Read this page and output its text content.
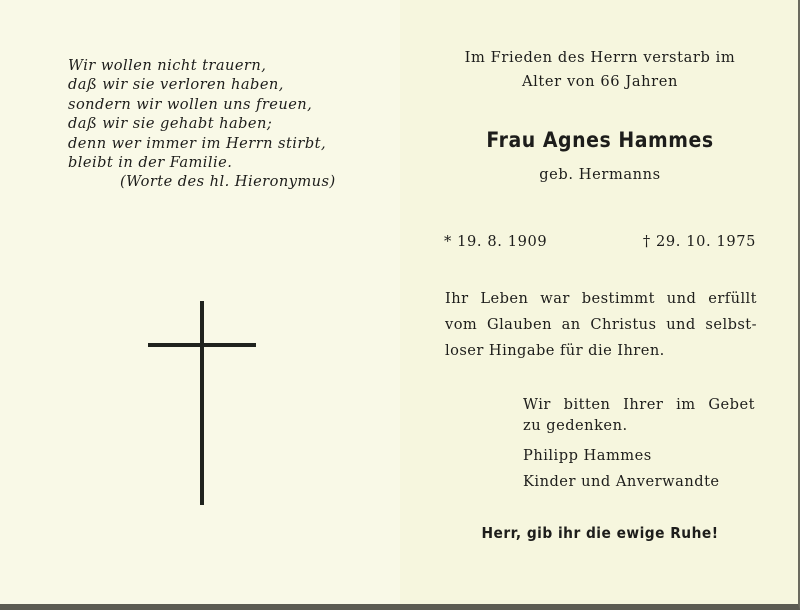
Wir wollen nicht trauern,
daß wir sie verloren haben,
sondern wir wollen uns freuen,
daß wir sie gehabt haben;
denn wer immer im Herrn stirbt,
bleibt in der Familie.
(Worte des hl. Hieronymus)
Im Frieden des Herrn verstarb im
Alter von 66 Jahren
Frau Agnes Hammes
geb. Hermanns
* 19. 8. 1909	† 29. 10. 1975
Ihr Leben war bestimmt und erfüllt
vom Glauben an Christus und selbst-
loser Hingabe für die Ihren.
Wir bitten Ihrer im Gebet
zu gedenken.
Philipp Hammes
Kinder und Anverwandte
Herr, gib ihr die ewige Ruhe!
